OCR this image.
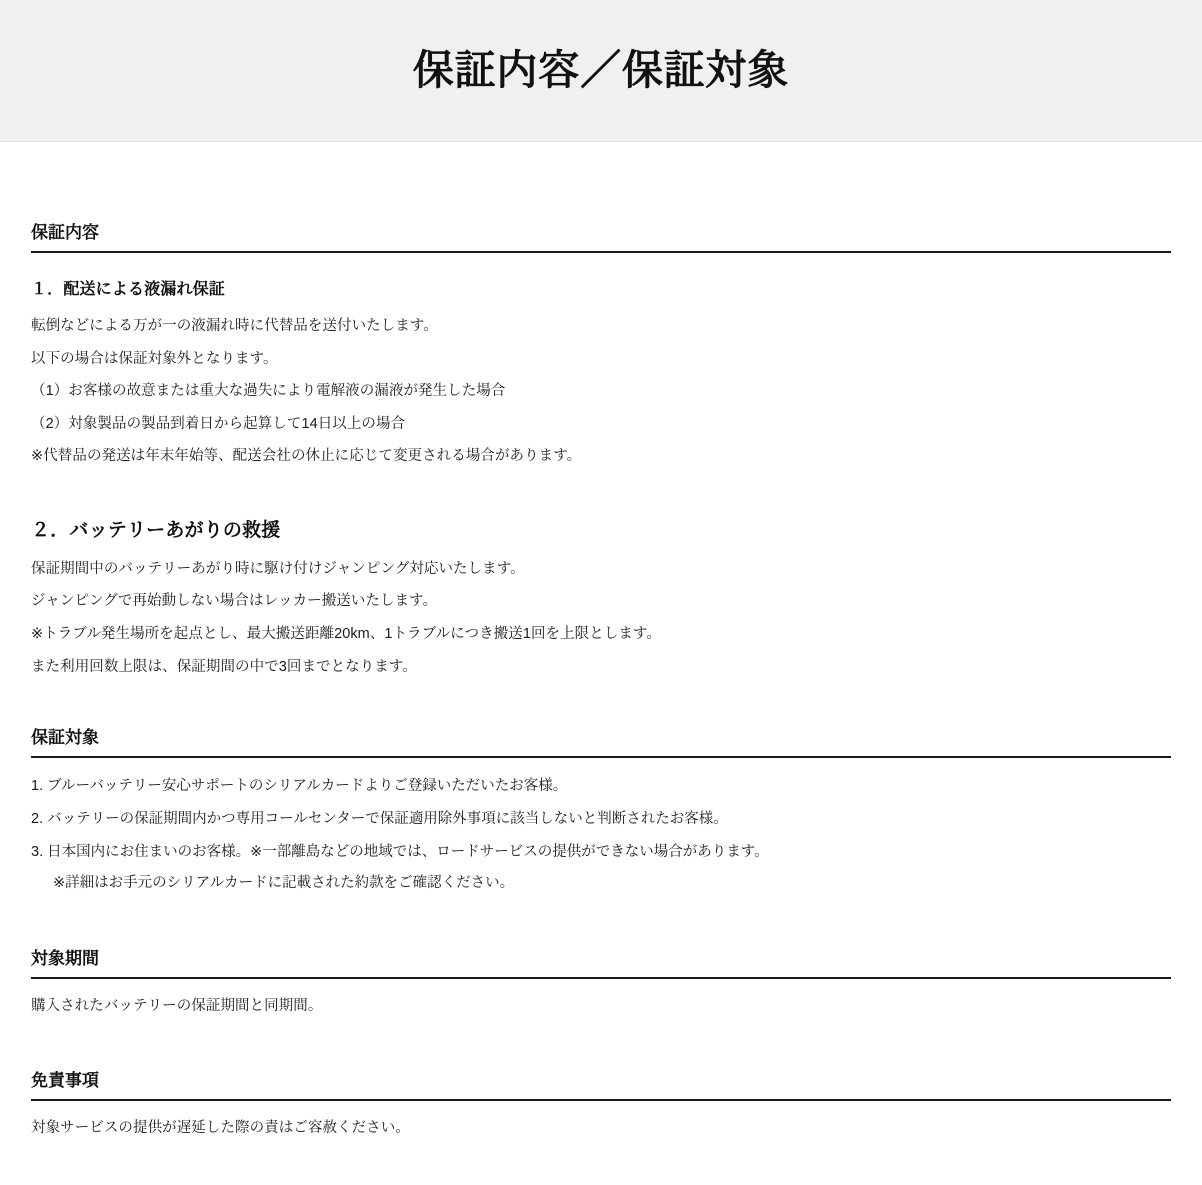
保証内容／保証対象
保証内容
１．配送による液漏れ保証

転倒などによる万が一の液漏れ時に代替品を送付いたします。

以下の場合は保証対象外となります。

（1）お客様の故意または重大な過失により電解液の漏液が発生した場合

（2）対象製品の製品到着日から起算して14日以上の場合

※代替品の発送は年末年始等、配送会社の休止に応じて変更される場合があります。

２．バッテリーあがりの救援

保証期間中のバッテリーあがり時に駆け付けジャンピング対応いたします。

ジャンピングで再始動しない場合はレッカー搬送いたします。

※トラブル発生場所を起点とし、最大搬送距離20km、1トラブルにつき搬送1回を上限とします。

また利用回数上限は、保証期間の中で3回までとなります。

保証対象

1. ブルーバッテリー安心サポートのシリアルカードよりご登録いただいたお客様。

2. バッテリーの保証期間内かつ専用コールセンターで保証適用除外事項に該当しないと判断されたお客様。

3. 日本国内にお住まいのお客様。※一部離島などの地域では、ロードサービスの提供ができない場合があります。

※詳細はお手元のシリアルカードに記載された約款をご確認ください。

対象期間

購入されたバッテリーの保証期間と同期間。

免責事項

対象サービスの提供が遅延した際の責はご容赦ください。
